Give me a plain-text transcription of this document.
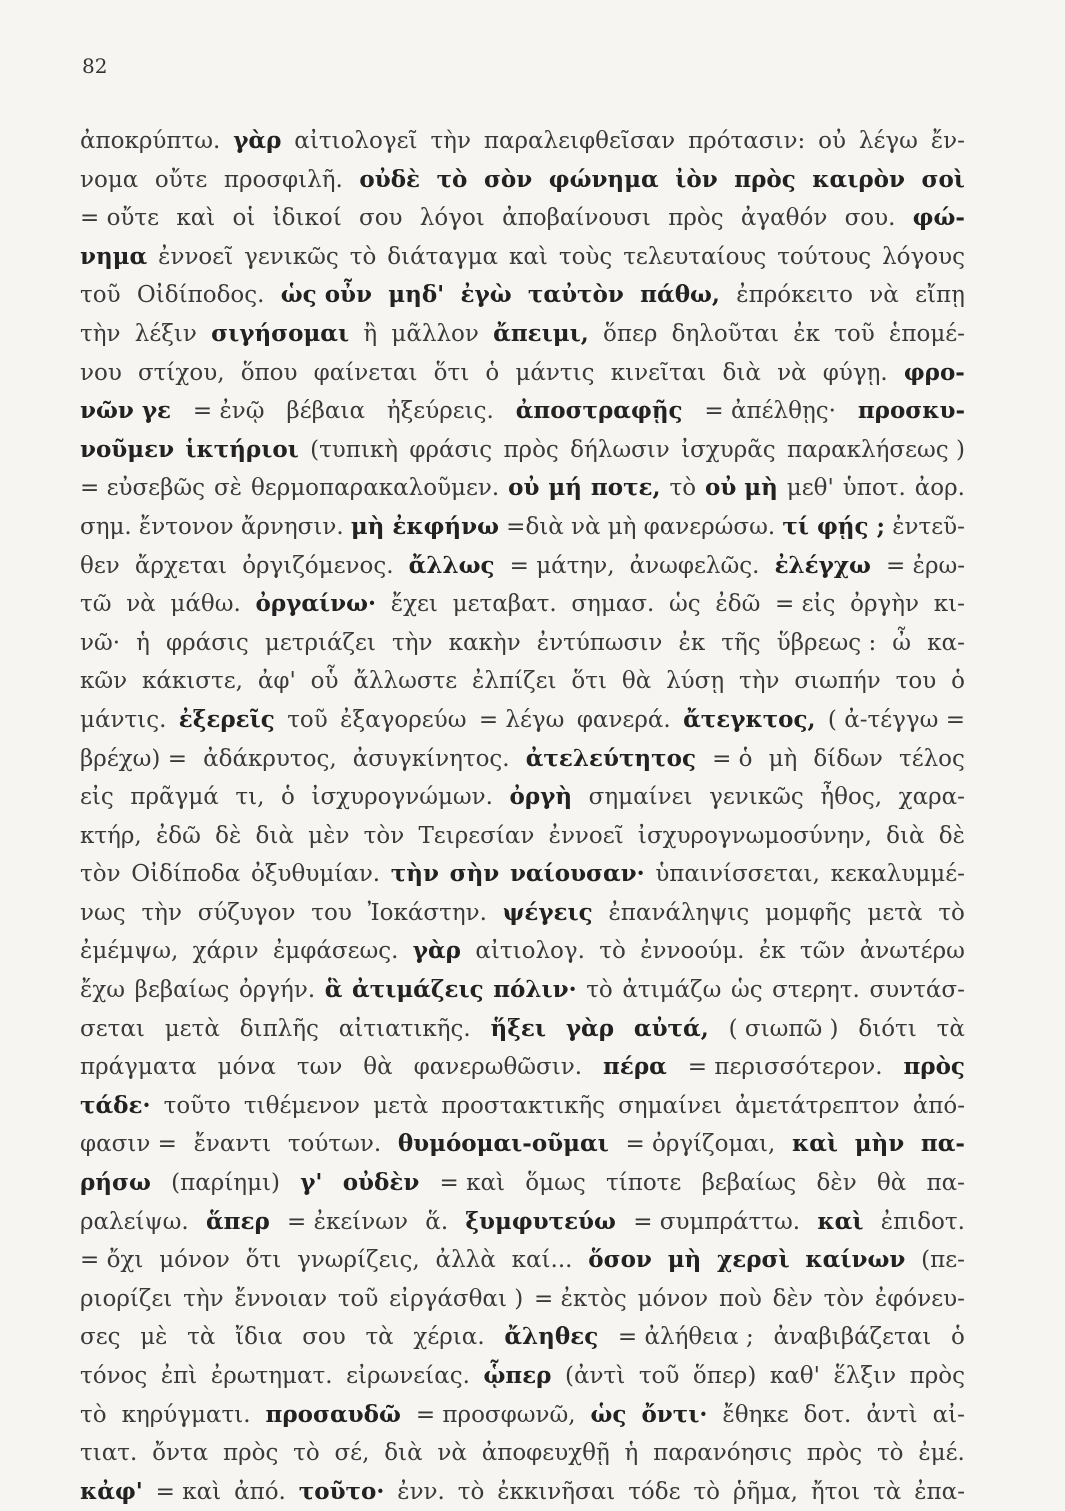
82
ἀποκρύπτω. γὰρ αἰτιολογεῖ τὴν παραλειφθεῖσαν πρότασιν: οὐ λέγω ἔν-
νομα οὔτε προσφιλῆ. οὐδὲ τὸ σὸν φώνημα ἰὸν πρὸς καιρὸν σοὶ
= οὔτε καὶ οἱ ἰδικοί σου λόγοι ἀποβαίνουσι πρὸς ἀγαθόν σου. φώ-
νημα ἐννοεῖ γενικῶς τὸ διάταγμα καὶ τοὺς τελευταίους τούτους λόγους
τοῦ Οἰδίποδος. ὡς οὖν μηδ' ἐγὼ ταὐτὸν πάθω, ἐπρόκειτο νὰ εἴπῃ
τὴν λέξιν σιγήσομαι ἢ μᾶλλον ἄπειμι, ὅπερ δηλοῦται ἐκ τοῦ ἑπομέ-
νου στίχου, ὅπου φαίνεται ὅτι ὁ μάντις κινεῖται διὰ νὰ φύγῃ. φρο-
νῶν γε = ἐνῷ βέβαια ἠξεύρεις. ἀποστραφῇς = ἀπέλθῃς· προσκυ-
νοῦμεν ἱκτήριοι (τυπικὴ φράσις πρὸς δήλωσιν ἰσχυρᾶς παρακλήσεως )
= εὐσεβῶς σὲ θερμοπαρακαλοῦμεν. οὐ μή ποτε, τὸ οὐ μὴ μεθ' ὑποτ. ἀορ.
σημ. ἔντονον ἄρνησιν. μὴ ἐκφήνω =διὰ νὰ μὴ φανερώσω. τί φῄς ; ἐντεῦ-
θεν ἄρχεται ὀργιζόμενος. ἄλλως = μάτην, ἀνωφελῶς. ἐλέγχω = ἐρω-
τῶ νὰ μάθω. ὀργαίνω· ἔχει μεταβατ. σημασ. ὡς ἐδῶ = εἰς ὀργὴν κι-
νῶ· ἡ φράσις μετριάζει τὴν κακὴν ἐντύπωσιν ἐκ τῆς ὕβρεως : ὦ κα-
κῶν κάκιστε, ἀφ' οὗ ἄλλωστε ἐλπίζει ὅτι θὰ λύσῃ τὴν σιωπήν του ὁ
μάντις. ἐξερεῖς τοῦ ἐξαγορεύω = λέγω φανερά. ἄτεγκτος, ( ἀ-τέγγω =
βρέχω) = ἀδάκρυτος, ἀσυγκίνητος. ἀτελεύτητος = ὁ μὴ δίδων τέλος
εἰς πρᾶγμά τι, ὁ ἰσχυρογνώμων. ὀργὴ σημαίνει γενικῶς ἦθος, χαρα-
κτήρ, ἐδῶ δὲ διὰ μὲν τὸν Τειρεσίαν ἐννοεῖ ἰσχυρογνωμοσύνην, διὰ δὲ
τὸν Οἰδίποδα ὀξυθυμίαν. τὴν σὴν ναίουσαν· ὑπαινίσσεται, κεκαλυμμέ-
νως τὴν σύζυγον του Ἰοκάστην. ψέγεις ἐπανάληψις μομφῆς μετὰ τὸ
ἐμέμψω, χάριν ἐμφάσεως. γὰρ αἰτιολογ. τὸ ἐννοούμ. ἐκ τῶν ἀνωτέρω
ἔχω βεβαίως ὀργήν. ἃ ἀτιμάζεις πόλιν· τὸ ἀτιμάζω ὡς στερητ. συντάσ-
σεται μετὰ διπλῆς αἰτιατικῆς. ἥξει γὰρ αὐτά, ( σιωπῶ ) διότι τὰ
πράγματα μόνα των θὰ φανερωθῶσιν. πέρα = περισσότερον. πρὸς
τάδε· τοῦτο τιθέμενον μετὰ προστακτικῆς σημαίνει ἀμετάτρεπτον ἀπό-
φασιν = ἔναντι τούτων. θυμόομαι-οῦμαι = ὀργίζομαι, καὶ μὴν πα-
ρήσω (παρίημι) γ' οὐδὲν = καὶ ὅμως τίποτε βεβαίως δὲν θὰ πα-
ραλείψω. ἅπερ = ἐκείνων ἅ. ξυμφυτεύω = συμπράττω. καὶ ἐπιδοτ.
= ὄχι μόνον ὅτι γνωρίζεις, ἀλλὰ καί... ὅσον μὴ χερσὶ καίνων (πε-
ριορίζει τὴν ἔννοιαν τοῦ εἰργάσθαι ) = ἐκτὸς μόνον ποὺ δὲν τὸν ἐφόνευ-
σες μὲ τὰ ἴδια σου τὰ χέρια. ἄληθες = ἀλήθεια ; ἀναβιβάζεται ὁ
τόνος ἐπὶ ἐρωτηματ. εἰρωνείας. ᾧπερ (ἀντὶ τοῦ ὅπερ) καθ' ἕλξιν πρὸς
τὸ κηρύγματι. προσαυδῶ = προσφωνῶ, ὡς ὄντι· ἔθηκε δοτ. ἀντὶ αἰ-
τιατ. ὄντα πρὸς τὸ σέ, διὰ νὰ ἀποφευχθῇ ἡ παρανόησις πρὸς τὸ ἐμέ.
κἀφ' = καὶ ἀπό. τοῦτο· ἐνν. τὸ ἐκκινῆσαι τόδε τὸ ῥῆμα, ἤτοι τὰ ἐπα-
